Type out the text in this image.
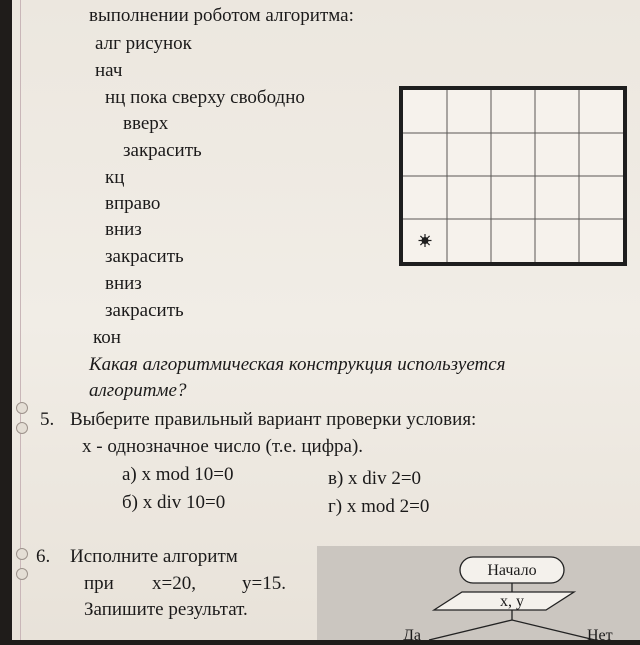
выполнении роботом алгоритма:
алг рисунок
нач
нц пока сверху свободно
вверх
закрасить
кц
вправо
вниз
закрасить
вниз
закрасить
кон
Какая алгоритмическая конструкция используется
алгоритме?
5. Выберите правильный вариант проверки условия:
x - однозначное число (т.е. цифра).
а) x mod 10=0	в) x div 2=0
б) x div 10=0	г) x mod 2=0
6. Исполните алгоритм
при x=20, y=15.
Запишите результат.
Начало
x, y
Да	Нет
